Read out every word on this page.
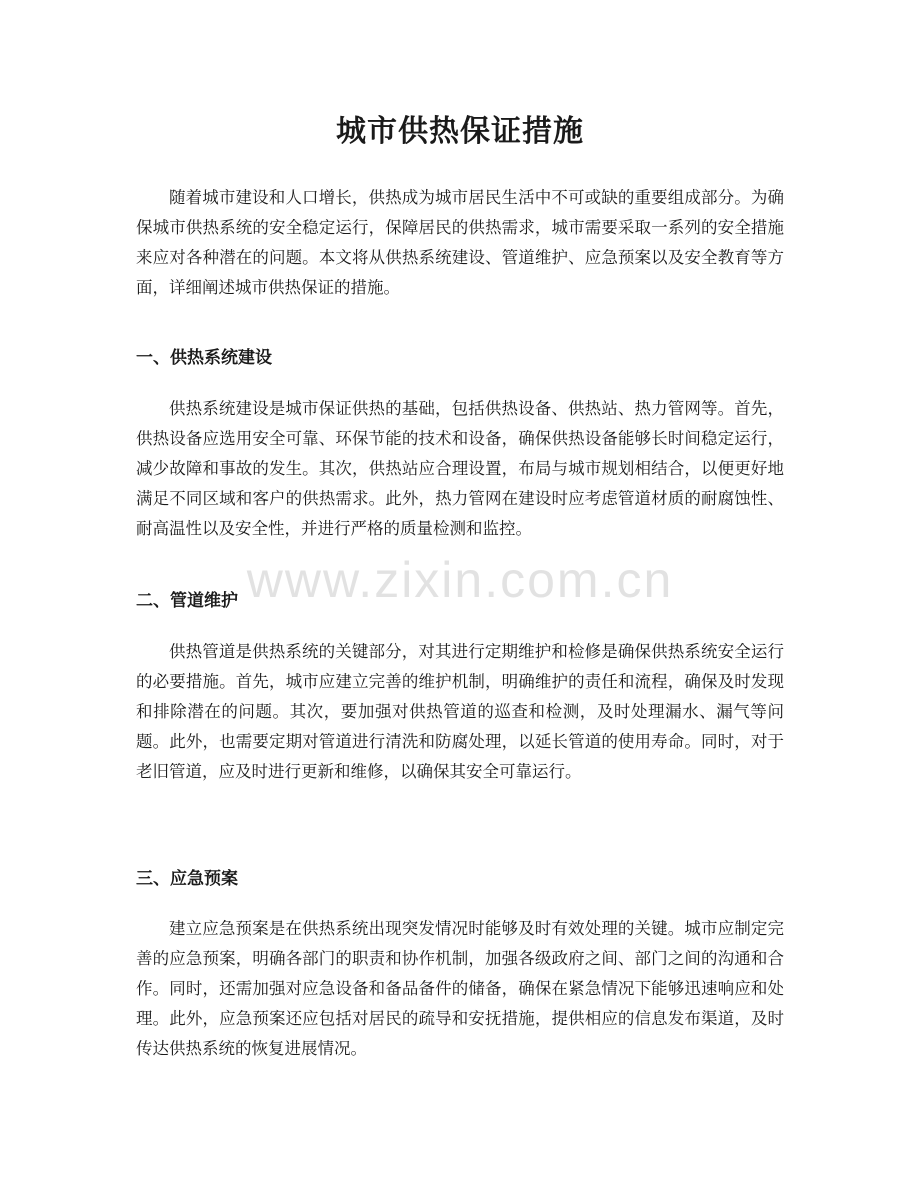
城市供热保证措施

随着城市建设和人口增长，供热成为城市居民生活中不可或缺的重要组成部分。为确保城市供热系统的安全稳定运行，保障居民的供热需求，城市需要采取一系列的安全措施来应对各种潜在的问题。本文将从供热系统建设、管道维护、应急预案以及安全教育等方面，详细阐述城市供热保证的措施。

一、供热系统建设

供热系统建设是城市保证供热的基础，包括供热设备、供热站、热力管网等。首先，供热设备应选用安全可靠、环保节能的技术和设备，确保供热设备能够长时间稳定运行，减少故障和事故的发生。其次，供热站应合理设置，布局与城市规划相结合，以便更好地满足不同区域和客户的供热需求。此外，热力管网在建设时应考虑管道材质的耐腐蚀性、耐高温性以及安全性，并进行严格的质量检测和监控。

二、管道维护

供热管道是供热系统的关键部分，对其进行定期维护和检修是确保供热系统安全运行的必要措施。首先，城市应建立完善的维护机制，明确维护的责任和流程，确保及时发现和排除潜在的问题。其次，要加强对供热管道的巡查和检测，及时处理漏水、漏气等问题。此外，也需要定期对管道进行清洗和防腐处理，以延长管道的使用寿命。同时，对于老旧管道，应及时进行更新和维修，以确保其安全可靠运行。

三、应急预案

建立应急预案是在供热系统出现突发情况时能够及时有效处理的关键。城市应制定完善的应急预案，明确各部门的职责和协作机制，加强各级政府之间、部门之间的沟通和合作。同时，还需加强对应急设备和备品备件的储备，确保在紧急情况下能够迅速响应和处理。此外，应急预案还应包括对居民的疏导和安抚措施，提供相应的信息发布渠道，及时传达供热系统的恢复进展情况。

www.zixin.com.cn
